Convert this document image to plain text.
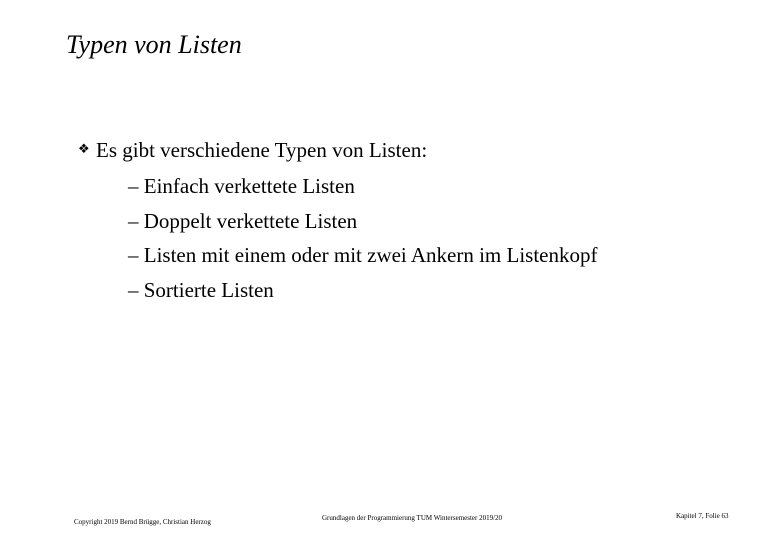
Typen von Listen
❖ Es gibt verschiedene Typen von Listen:
– Einfach verkettete Listen
– Doppelt verkettete Listen
– Listen mit einem oder mit zwei Ankern im Listenkopf
– Sortierte Listen
Copyright 2019 Bernd Brügge, Christian Herzog	Grundlagen der Programmierung TUM Wintersemester 2019/20	Kapitel 7, Folie 63
